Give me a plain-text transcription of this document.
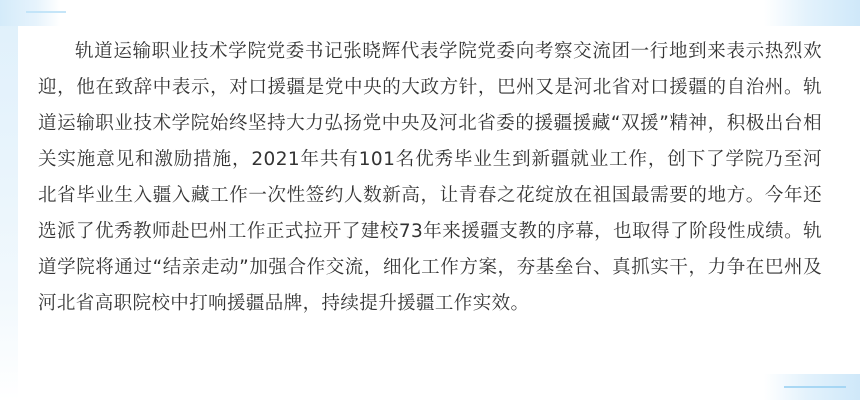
轨道运输职业技术学院党委书记张晓辉代表学院党委向考察交流团一行地到来表示热烈欢迎，他在致辞中表示，对口援疆是党中央的大政方针，巴州又是河北省对口援疆的自治州。轨道运输职业技术学院始终坚持大力弘扬党中央及河北省委的援疆援藏“双援”精神，积极出台相关实施意见和激励措施，2021年共有101名优秀毕业生到新疆就业工作，创下了学院乃至河北省毕业生入疆入藏工作一次性签约人数新高，让青春之花绽放在祖国最需要的地方。今年还选派了优秀教师赴巴州工作正式拉开了建校73年来援疆支教的序幕，也取得了阶段性成绩。轨道学院将通过“结亲走动”加强合作交流，细化工作方案，夯基垒台、真抓实干，力争在巴州及河北省高职院校中打响援疆品牌，持续提升援疆工作实效。
